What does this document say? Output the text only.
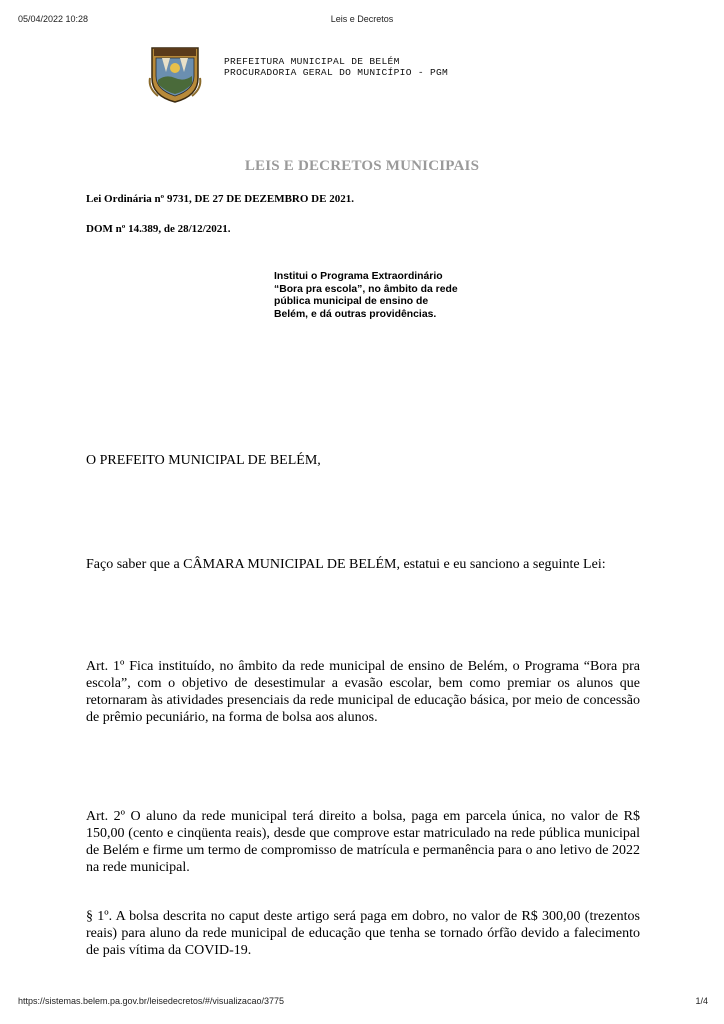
05/04/2022 10:28	Leis e Decretos
PREFEITURA MUNICIPAL DE BELÉM
PROCURADORIA GERAL DO MUNICÍPIO - PGM
LEIS E DECRETOS MUNICIPAIS
Lei Ordinária nº 9731, DE 27 DE DEZEMBRO DE 2021.
DOM nº 14.389, de 28/12/2021.
Institui o Programa Extraordinário “Bora pra escola”, no âmbito da rede pública municipal de ensino de Belém, e dá outras providências.
O PREFEITO MUNICIPAL DE BELÉM,
Faço saber que a CÂMARA MUNICIPAL DE BELÉM, estatui e eu sanciono a seguinte Lei:
Art. 1º Fica instituído, no âmbito da rede municipal de ensino de Belém, o Programa “Bora pra escola”, com o objetivo de desestimular a evasão escolar, bem como premiar os alunos que retornaram às atividades presenciais da rede municipal de educação básica, por meio de concessão de prêmio pecuniário, na forma de bolsa aos alunos.
Art. 2º O aluno da rede municipal terá direito a bolsa, paga em parcela única, no valor de R$ 150,00 (cento e cinqüenta reais), desde que comprove estar matriculado na rede pública municipal de Belém e firme um termo de compromisso de matrícula e permanência para o ano letivo de 2022 na rede municipal.
§ 1º. A bolsa descrita no caput deste artigo será paga em dobro, no valor de R$ 300,00 (trezentos reais) para aluno da rede municipal de educação que tenha se tornado órfão devido a falecimento de pais vítima da COVID-19.
https://sistemas.belem.pa.gov.br/leisedecretos/#/visualizacao/3775	1/4
